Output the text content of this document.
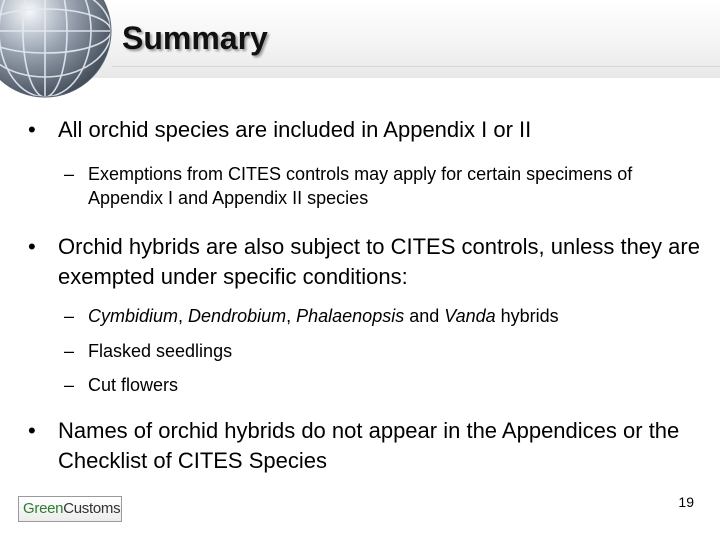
Summary
• All orchid species are included in Appendix I or II
– Exemptions from CITES controls may apply for certain specimens of Appendix I and Appendix II species
• Orchid hybrids are also subject to CITES controls, unless they are exempted under specific conditions:
– Cymbidium, Dendrobium, Phalaenopsis and Vanda hybrids
– Flasked seedlings
– Cut flowers
• Names of orchid hybrids do not appear in the Appendices or the Checklist of CITES Species
GreenCustoms	19
